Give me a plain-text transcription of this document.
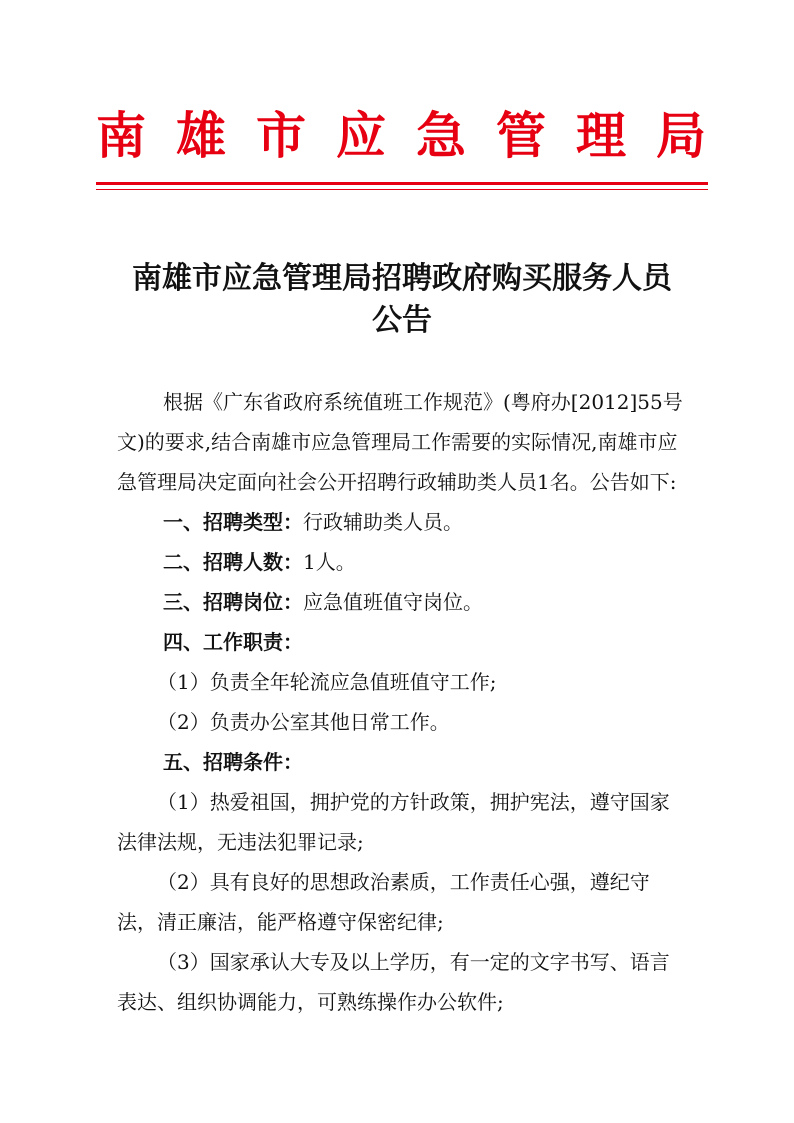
南雄市应急管理局
南雄市应急管理局招聘政府购买服务人员
公告

根据《广东省政府系统值班工作规范》(粤府办[2012]55号文)的要求,结合南雄市应急管理局工作需要的实际情况,南雄市应急管理局决定面向社会公开招聘行政辅助类人员1名。公告如下:

一、招聘类型：行政辅助类人员。

二、招聘人数：1人。

三、招聘岗位：应急值班值守岗位。

四、工作职责：

（1）负责全年轮流应急值班值守工作;

（2）负责办公室其他日常工作。

五、招聘条件：

（1）热爱祖国，拥护党的方针政策，拥护宪法，遵守国家法律法规，无违法犯罪记录;

（2）具有良好的思想政治素质，工作责任心强，遵纪守法，清正廉洁，能严格遵守保密纪律;

（3）国家承认大专及以上学历，有一定的文字书写、语言表达、组织协调能力，可熟练操作办公软件;
